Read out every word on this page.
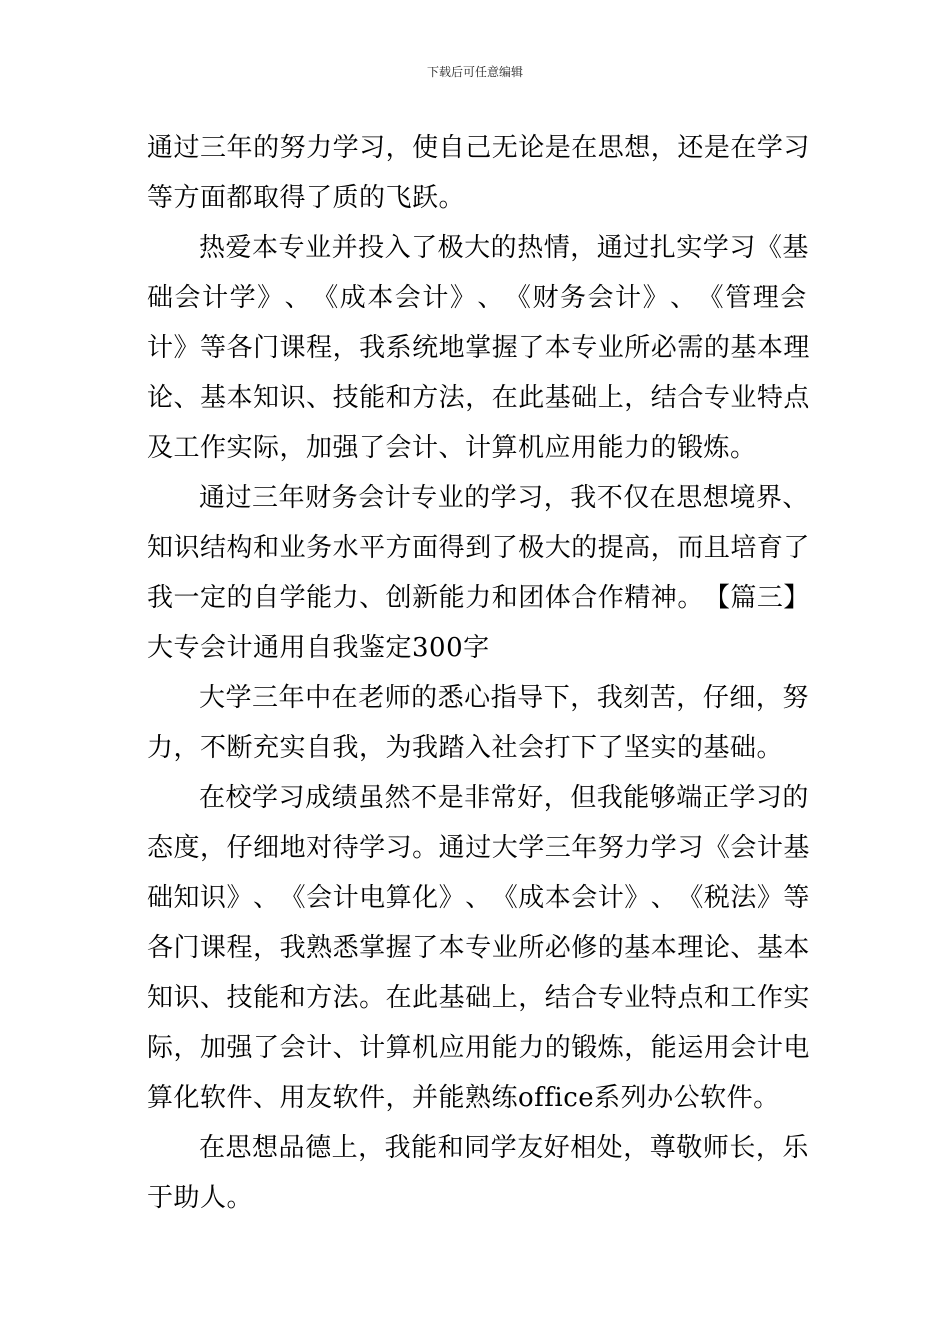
下载后可任意编辑
通 过 三 年 的 努 力 学 习 ， 使 自 己 无 论 是 在 思 想 ， 还 是 在 学 习
等方面都取得了质的飞跃。
热 爱 本 专 业 并 投 入 了 极 大 的 热 情 ， 通 过 扎 实 学 习 《 基
础 会 计 学 》 、 《 成 本 会 计 》 、 《 财 务 会 计 》 、 《 管 理 会
计 》 等 各 门 课 程 ， 我 系 统 地 掌 握 了 本 专 业 所 必 需 的 基 本 理
论 、 基 本 知 识 、 技 能 和 方 法 ， 在 此 基 础 上 ， 结 合 专 业 特 点
及工作实际，加强了会计、计算机应用能力的锻炼。
通 过 三 年 财 务 会 计 专 业 的 学 习 ， 我 不 仅 在 思 想 境 界 、
知 识 结 构 和 业 务 水 平 方 面 得 到 了 极 大 的 提 高 ， 而 且 培 育 了
我 一 定 的 自 学 能 力 、 创 新 能 力 和 团 体 合 作 精 神 。 【 篇 三 】
大专会计通用自我鉴定300字
大 学 三 年 中 在 老 师 的 悉 心 指 导 下 ， 我 刻 苦 ， 仔 细 ， 努
力，不断充实自我，为我踏入社会打下了坚实的基础。
在 校 学 习 成 绩 虽 然 不 是 非 常 好 ， 但 我 能 够 端 正 学 习 的
态 度 ， 仔 细 地 对 待 学 习 。 通 过 大 学 三 年 努 力 学 习 《 会 计 基
础 知 识 》 、 《 会 计 电 算 化 》 、 《 成 本 会 计 》 、 《 税 法 》 等
各 门 课 程 ， 我 熟 悉 掌 握 了 本 专 业 所 必 修 的 基 本 理 论 、 基 本
知 识 、 技 能 和 方 法 。 在 此 基 础 上 ， 结 合 专 业 特 点 和 工 作 实
际 ， 加 强 了 会 计 、 计 算 机 应 用 能 力 的 锻 炼 ， 能 运 用 会 计 电
算化软件、用友软件，并能熟练office系列办公软件。
在 思 想 品 德 上 ， 我 能 和 同 学 友 好 相 处 ， 尊 敬 师 长 ， 乐
于助人。
